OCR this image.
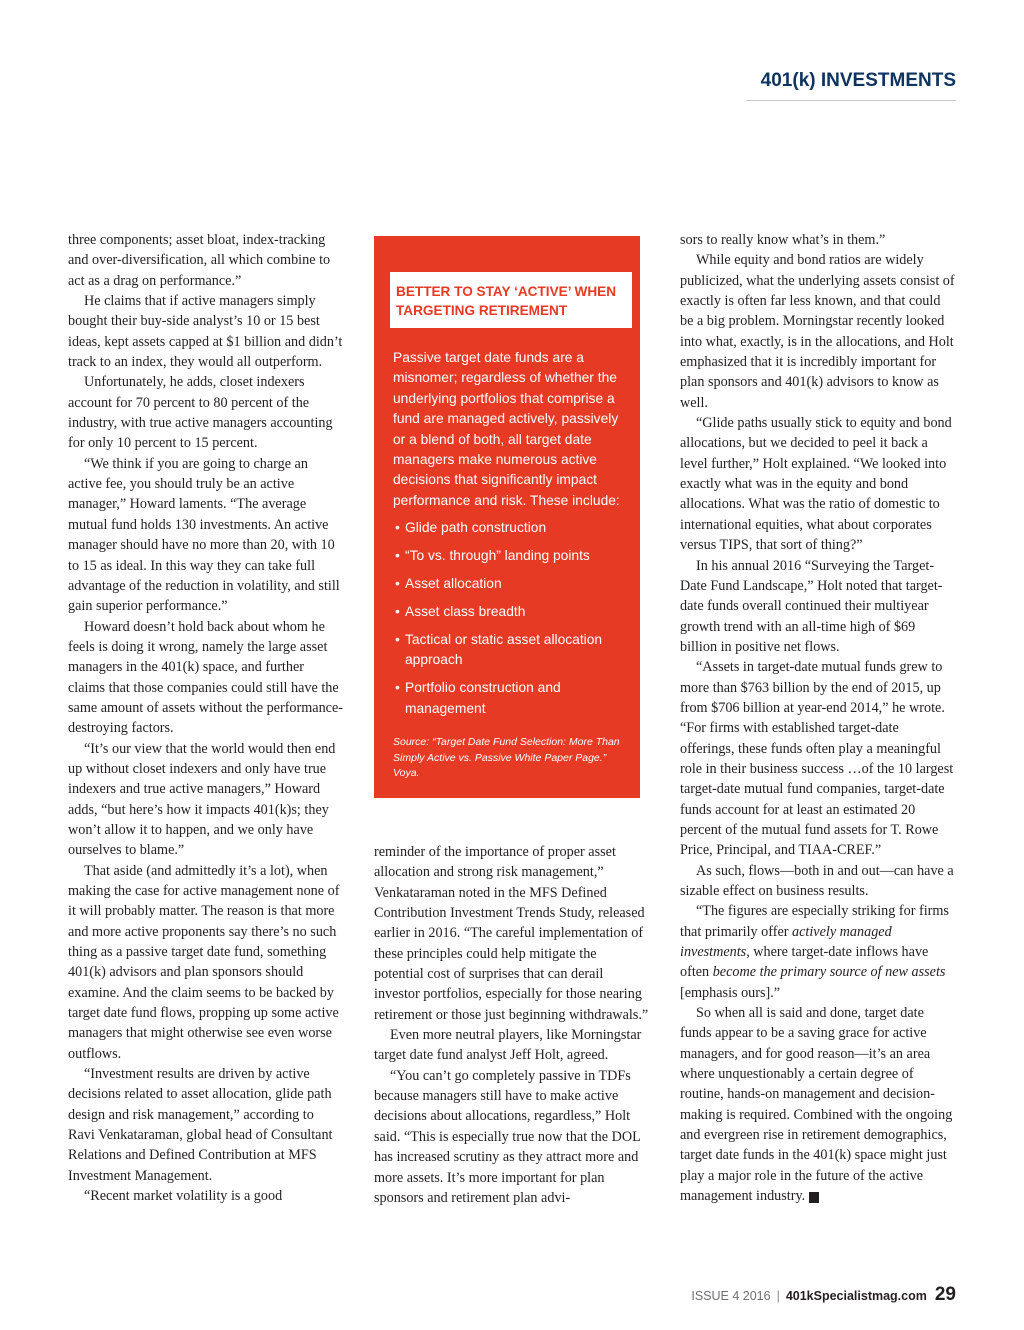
401(k) INVESTMENTS

three components; asset bloat, index-tracking and over-diversification, all which combine to act as a drag on performance.”

He claims that if active managers simply bought their buy-side analyst’s 10 or 15 best ideas, kept assets capped at $1 billion and didn’t track to an index, they would all outperform.

Unfortunately, he adds, closet indexers account for 70 percent to 80 percent of the industry, with true active managers accounting for only 10 percent to 15 percent.

“We think if you are going to charge an active fee, you should truly be an active manager,” Howard laments. “The average mutual fund holds 130 investments. An active manager should have no more than 20, with 10 to 15 as ideal. In this way they can take full advantage of the reduction in volatility, and still gain superior performance.”

Howard doesn’t hold back about whom he feels is doing it wrong, namely the large asset managers in the 401(k) space, and further claims that those companies could still have the same amount of assets without the performance-destroying factors.

“It’s our view that the world would then end up without closet indexers and only have true indexers and true active managers,” Howard adds, “but here’s how it impacts 401(k)s; they won’t allow it to happen, and we only have ourselves to blame.”

That aside (and admittedly it’s a lot), when making the case for active management none of it will probably matter. The reason is that more and more active proponents say there’s no such thing as a passive target date fund, something 401(k) advisors and plan sponsors should examine. And the claim seems to be backed by target date fund flows, propping up some active managers that might otherwise see even worse outflows.

“Investment results are driven by active decisions related to asset allocation, glide path design and risk management,” according to Ravi Venkataraman, global head of Consultant Relations and Defined Contribution at MFS Investment Management.

“Recent market volatility is a good

BETTER TO STAY ‘ACTIVE’ WHEN TARGETING RETIREMENT

Passive target date funds are a misnomer; regardless of whether the underlying portfolios that comprise a fund are managed actively, passively or a blend of both, all target date managers make numerous active decisions that significantly impact performance and risk. These include:

• Glide path construction
• “To vs. through” landing points
• Asset allocation
• Asset class breadth
• Tactical or static asset allocation approach
• Portfolio construction and management

Source: “Target Date Fund Selection: More Than Simply Active vs. Passive White Paper Page.” Voya.

reminder of the importance of proper asset allocation and strong risk management,” Venkataraman noted in the MFS Defined Contribution Investment Trends Study, released earlier in 2016. “The careful implementation of these principles could help mitigate the potential cost of surprises that can derail investor portfolios, especially for those nearing retirement or those just beginning withdrawals.”

Even more neutral players, like Morningstar target date fund analyst Jeff Holt, agreed.

“You can’t go completely passive in TDFs because managers still have to make active decisions about allocations, regardless,” Holt said. “This is especially true now that the DOL has increased scrutiny as they attract more and more assets. It’s more important for plan sponsors and retirement plan advi-

sors to really know what’s in them.”

While equity and bond ratios are widely publicized, what the underlying assets consist of exactly is often far less known, and that could be a big problem. Morningstar recently looked into what, exactly, is in the allocations, and Holt emphasized that it is incredibly important for plan sponsors and 401(k) advisors to know as well.

“Glide paths usually stick to equity and bond allocations, but we decided to peel it back a level further,” Holt explained. “We looked into exactly what was in the equity and bond allocations. What was the ratio of domestic to international equities, what about corporates versus TIPS, that sort of thing?”

In his annual 2016 “Surveying the Target-Date Fund Landscape,” Holt noted that target-date funds overall continued their multiyear growth trend with an all-time high of $69 billion in positive net flows.

“Assets in target-date mutual funds grew to more than $763 billion by the end of 2015, up from $706 billion at year-end 2014,” he wrote. “For firms with established target-date offerings, these funds often play a meaningful role in their business success …of the 10 largest target-date mutual fund companies, target-date funds account for at least an estimated 20 percent of the mutual fund assets for T. Rowe Price, Principal, and TIAA-CREF.”

As such, flows—both in and out—can have a sizable effect on business results.

“The figures are especially striking for firms that primarily offer actively managed investments, where target-date inflows have often become the primary source of new assets [emphasis ours].”

So when all is said and done, target date funds appear to be a saving grace for active managers, and for good reason—it’s an area where unquestionably a certain degree of routine, hands-on management and decision-making is required. Combined with the ongoing and evergreen rise in retirement demographics, target date funds in the 401(k) space might just play a major role in the future of the active management industry. K

ISSUE 4 2016 | 401kSpecialistmag.com 29
